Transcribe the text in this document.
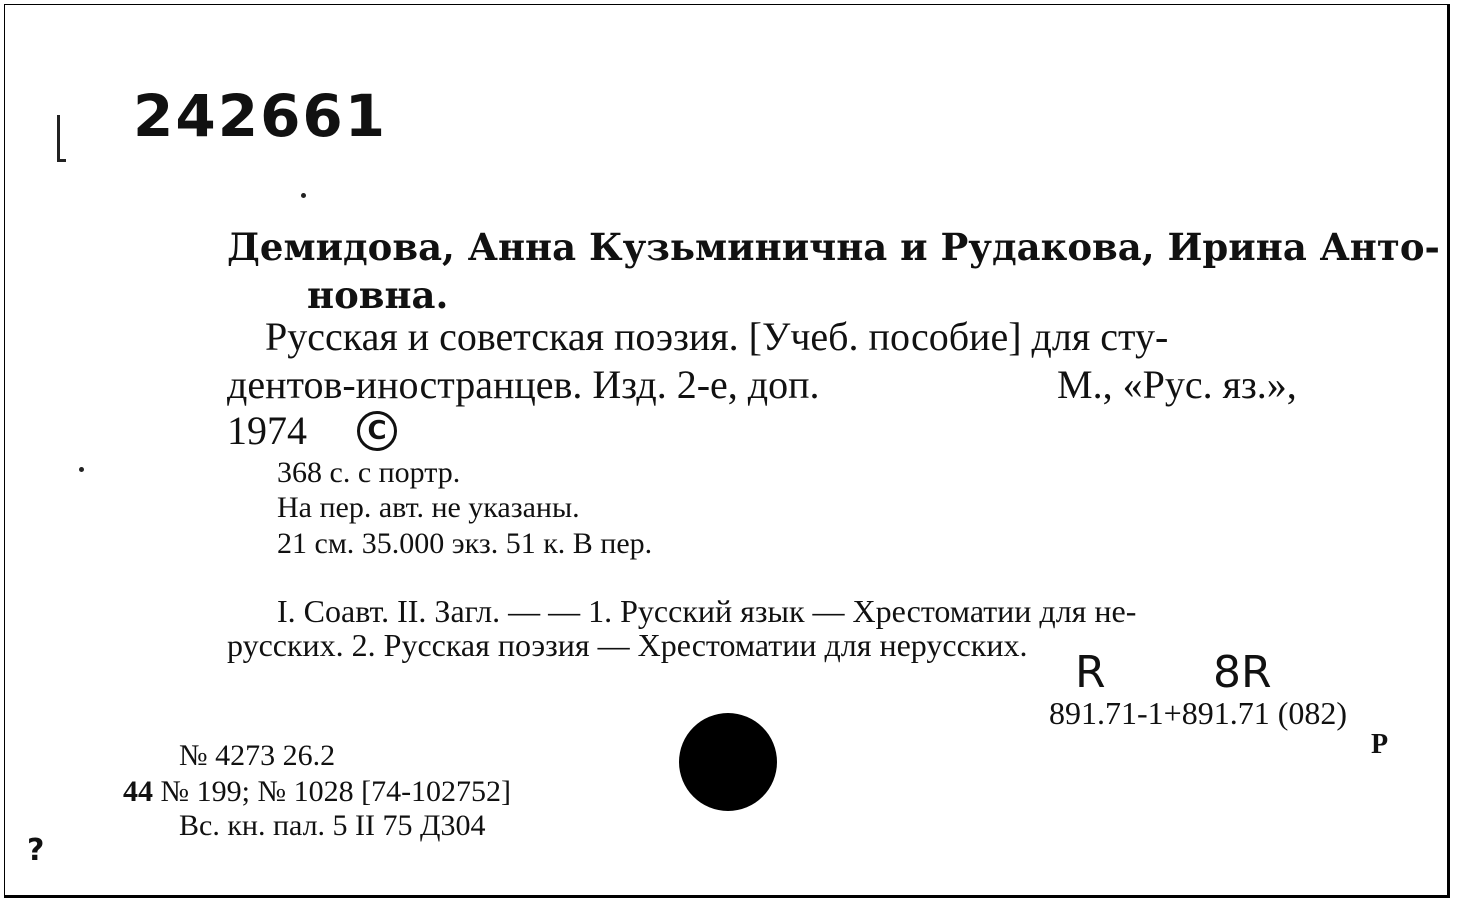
242661
Демидова, Анна Кузьминична и Рудакова, Ирина Анто-
новна.
Русская и советская поэзия. [Учеб. пособие] для сту-
дентов-иностранцев. Изд. 2-е, доп.	М., «Рус. яз.»,
1974	C
368 с. с портр.
На пер. авт. не указаны.
21 см. 35.000 экз. 51 к. В пер.
I. Соавт. II. Загл. — — 1. Русский язык — Хрестоматии для не-
русских. 2. Русская поэзия — Хрестоматии для нерусских.
R 8R
891.71-1+891.71 (082)
Р
№ 4273 26.2
44 № 199; № 1028 [74-102752]
Вс. кн. пал. 5 II 75 Д304
?
